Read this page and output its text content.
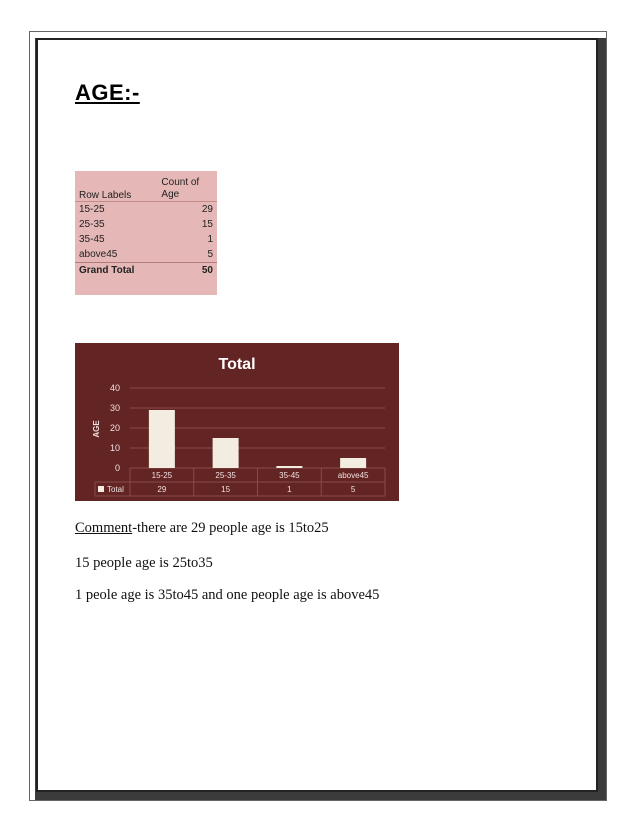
AGE:-
Row Labels	Count of
Age

15-25	29
25-35	15
35-45	1
above45	5
Grand Total	50
Total
AGE
0
10
20
30
40
15-25
29
25-35
15
35-45
1
above45
5
Total
Comment-there are 29 people age is 15to25
15 people age is 25to35
1 peole age is 35to45 and one people age is above45
